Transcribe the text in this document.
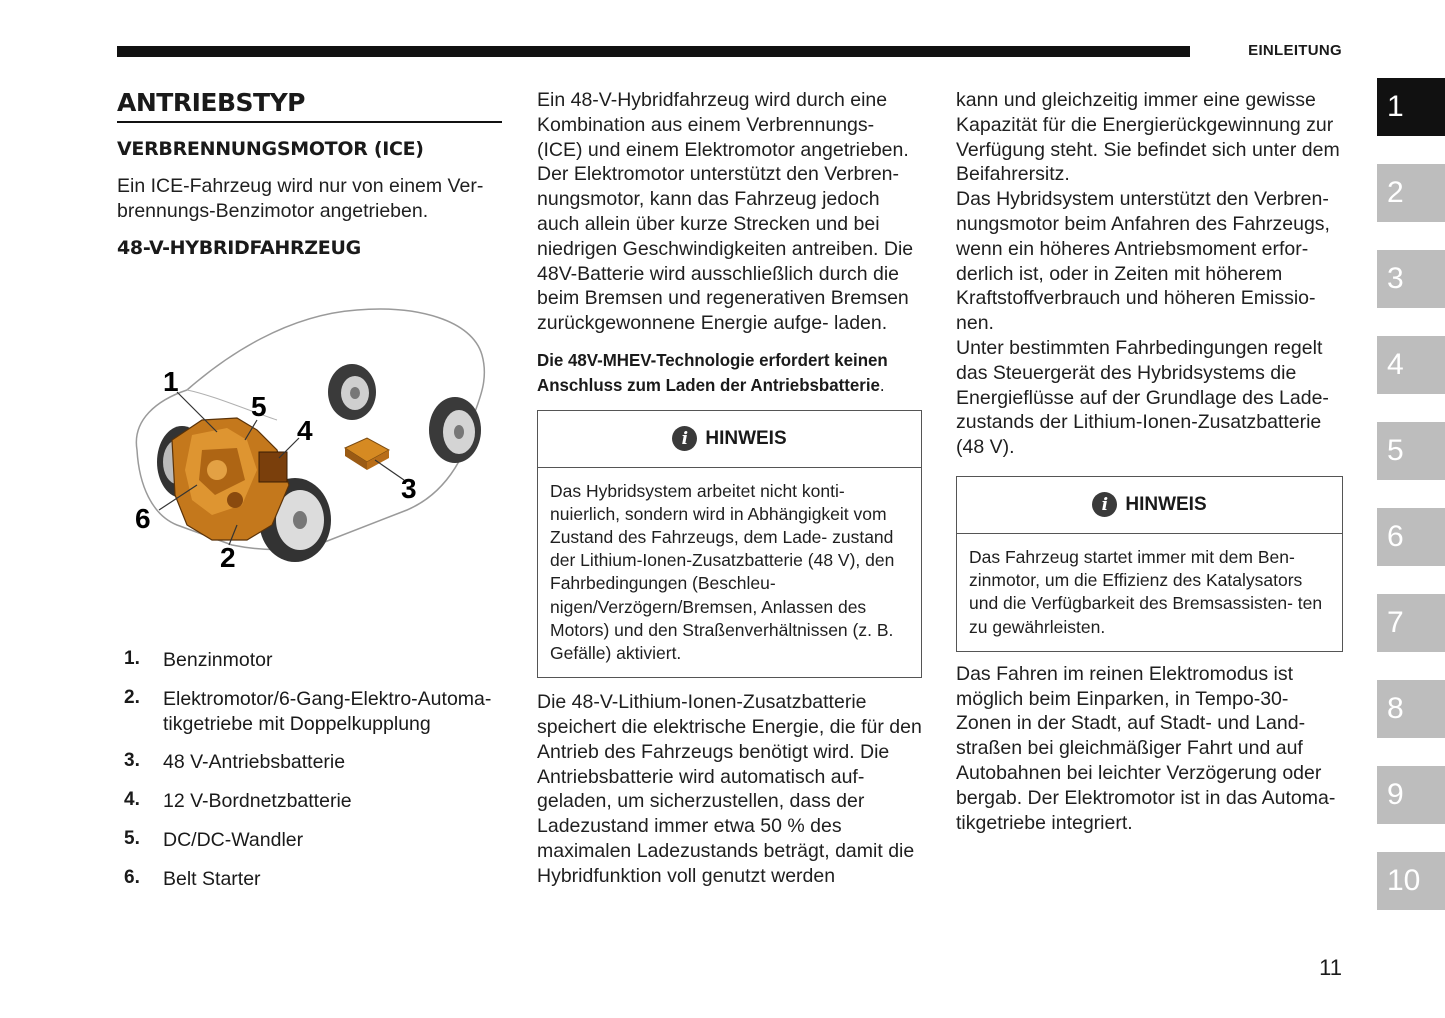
EINLEITUNG
1
2
3
4
5
6
7
8
9
10
ANTRIEBSTYP
VERBRENNUNGSMOTOR (ICE)
Ein ICE-Fahrzeug wird nur von einem Ver- brennungs-Benzimotor angetrieben.
48-V-HYBRIDFAHRZEUG
1
5
4
3
6
2
1. Benzinmotor
2. Elektromotor/6-Gang-Elektro-Automa- tikgetriebe mit Doppelkupplung
3. 48 V-Antriebsbatterie
4. 12 V-Bordnetzbatterie
5. DC/DC-Wandler
6. Belt Starter
Ein 48-V-Hybridfahrzeug wird durch eine Kombination aus einem Verbrennungs- (ICE) und einem Elektromotor angetrieben. Der Elektromotor unterstützt den Verbren- nungsmotor, kann das Fahrzeug jedoch auch allein über kurze Strecken und bei niedrigen Geschwindigkeiten antreiben. Die 48V-Batterie wird ausschließlich durch die beim Bremsen und regenerativen Bremsen zurückgewonnene Energie aufge- laden.
Die 48V-MHEV-Technologie erfordert keinen Anschluss zum Laden der Antriebsbatterie.
i HINWEIS
Das Hybridsystem arbeitet nicht konti- nuierlich, sondern wird in Abhängigkeit vom Zustand des Fahrzeugs, dem Lade- zustand der Lithium-Ionen-Zusatzbatterie (48 V), den Fahrbedingungen (Beschleu- nigen/Verzögern/Bremsen, Anlassen des Motors) und den Straßenverhältnissen (z. B. Gefälle) aktiviert.
Die 48-V-Lithium-Ionen-Zusatzbatterie speichert die elektrische Energie, die für den Antrieb des Fahrzeugs benötigt wird. Die Antriebsbatterie wird automatisch auf- geladen, um sicherzustellen, dass der Ladezustand immer etwa 50 % des maximalen Ladezustands beträgt, damit die Hybridfunktion voll genutzt werden
kann und gleichzeitig immer eine gewisse Kapazität für die Energierückgewinnung zur Verfügung steht. Sie befindet sich unter dem Beifahrersitz.
Das Hybridsystem unterstützt den Verbren- nungsmotor beim Anfahren des Fahrzeugs, wenn ein höheres Antriebsmoment erfor- derlich ist, oder in Zeiten mit höherem Kraftstoffverbrauch und höheren Emissio- nen.
Unter bestimmten Fahrbedingungen regelt das Steuergerät des Hybridsystems die Energieflüsse auf der Grundlage des Lade- zustands der Lithium-Ionen-Zusatzbatterie (48 V).
i HINWEIS
Das Fahrzeug startet immer mit dem Ben- zinmotor, um die Effizienz des Katalysators und die Verfügbarkeit des Bremsassisten- ten zu gewährleisten.
Das Fahren im reinen Elektromodus ist möglich beim Einparken, in Tempo-30- Zonen in der Stadt, auf Stadt- und Land- straßen bei gleichmäßiger Fahrt und auf Autobahnen bei leichter Verzögerung oder bergab. Der Elektromotor ist in das Automa- tikgetriebe integriert.
11
